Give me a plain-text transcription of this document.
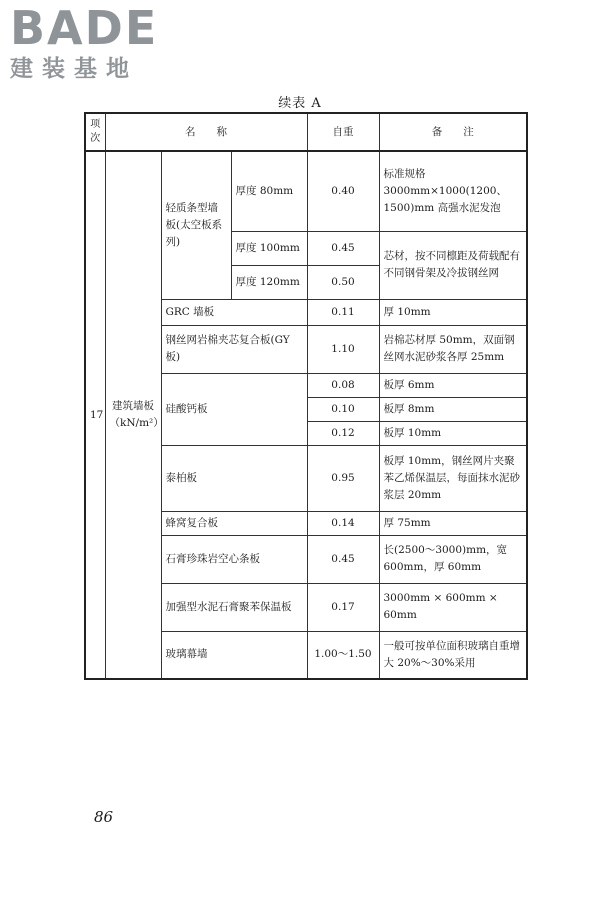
BADE
建装基地
续表 A
项次	名　　称			自重	备　　注
17	建筑墙板（kN/m²）	轻质条型墙板(太空板系列)	厚度 80mm	0.40	标准规格 3000mm×1000(1200、1500)mm 高强水泥发泡
			厚度 100mm	0.45	芯材，按不同檩距及荷载配有不同钢骨架及冷拔钢丝网
			厚度 120mm	0.50	
		GRC 墙板		0.11	厚 10mm
		钢丝网岩棉夹芯复合板(GY 板)		1.10	岩棉芯材厚 50mm，双面钢丝网水泥砂浆各厚 25mm
		硅酸钙板		0.08	板厚 6mm
				0.10	板厚 8mm
				0.12	板厚 10mm
		泰柏板		0.95	板厚 10mm，钢丝网片夹聚苯乙烯保温层，每面抹水泥砂浆层 20mm
		蜂窝复合板		0.14	厚 75mm
		石膏珍珠岩空心条板		0.45	长(2500～3000)mm，宽 600mm，厚 60mm
		加强型水泥石膏聚苯保温板		0.17	3000mm × 600mm × 60mm
		玻璃幕墙		1.00～1.50	一般可按单位面积玻璃自重增大 20%～30%采用
86
